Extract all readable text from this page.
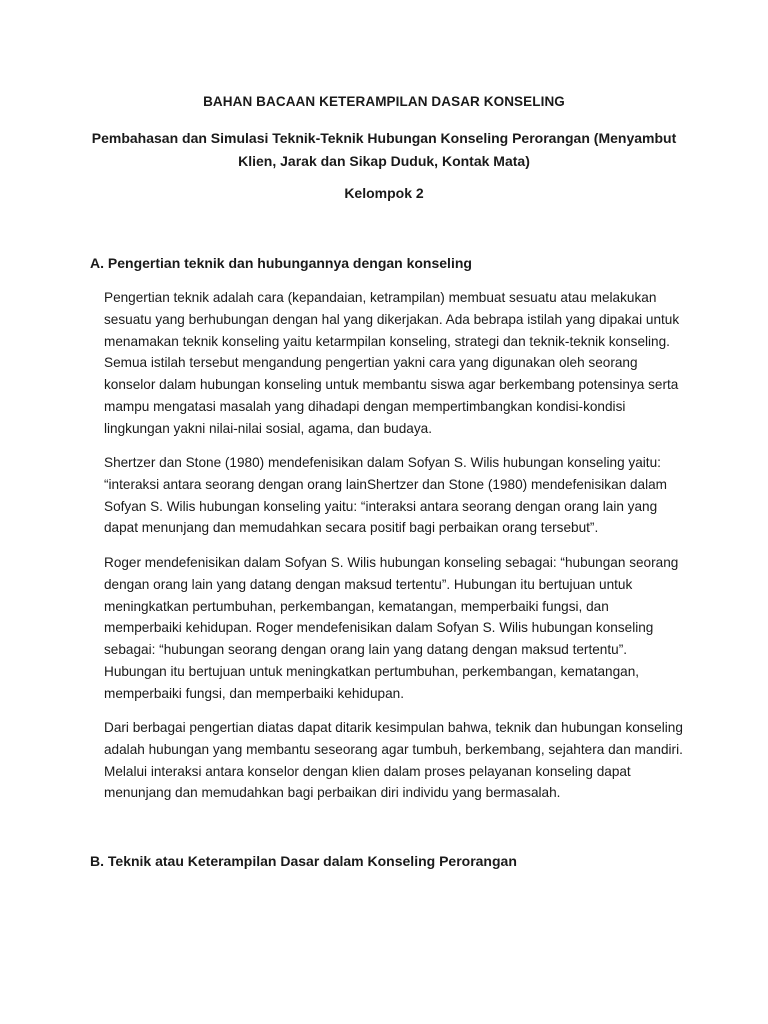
BAHAN BACAAN KETERAMPILAN DASAR KONSELING
Pembahasan dan Simulasi Teknik-Teknik Hubungan Konseling Perorangan (Menyambut Klien, Jarak dan Sikap Duduk, Kontak Mata)
Kelompok 2
A. Pengertian teknik dan hubungannya dengan konseling

Pengertian teknik adalah cara (kepandaian, ketrampilan) membuat sesuatu atau melakukan sesuatu yang berhubungan dengan hal yang dikerjakan. Ada bebrapa istilah yang dipakai untuk menamakan teknik konseling yaitu ketarmpilan konseling, strategi dan teknik-teknik konseling. Semua istilah tersebut mengandung pengertian yakni cara yang digunakan oleh seorang konselor dalam hubungan konseling untuk membantu siswa agar berkembang potensinya serta mampu mengatasi masalah yang dihadapi dengan mempertimbangkan kondisi-kondisi lingkungan yakni nilai-nilai sosial, agama, dan budaya.

Shertzer dan Stone (1980) mendefenisikan dalam Sofyan S. Wilis hubungan konseling yaitu: “interaksi antara seorang dengan orang lainShertzer dan Stone (1980) mendefenisikan dalam Sofyan S. Wilis hubungan konseling yaitu: “interaksi antara seorang dengan orang lain yang dapat menunjang dan memudahkan secara positif bagi perbaikan orang tersebut”.

Roger mendefenisikan dalam Sofyan S. Wilis hubungan konseling sebagai: “hubungan seorang dengan orang lain yang datang dengan maksud tertentu”. Hubungan itu bertujuan untuk meningkatkan pertumbuhan, perkembangan, kematangan, memperbaiki fungsi, dan memperbaiki kehidupan. Roger mendefenisikan dalam Sofyan S. Wilis hubungan konseling sebagai: “hubungan seorang dengan orang lain yang datang dengan maksud tertentu”. Hubungan itu bertujuan untuk meningkatkan pertumbuhan, perkembangan, kematangan, memperbaiki fungsi, dan memperbaiki kehidupan.

Dari berbagai pengertian diatas dapat ditarik kesimpulan bahwa, teknik dan hubungan konseling adalah hubungan yang membantu seseorang agar tumbuh, berkembang, sejahtera dan mandiri. Melalui interaksi antara konselor dengan klien dalam proses pelayanan konseling dapat menunjang dan memudahkan bagi perbaikan diri individu yang bermasalah.

B. Teknik atau Keterampilan Dasar dalam Konseling Perorangan
